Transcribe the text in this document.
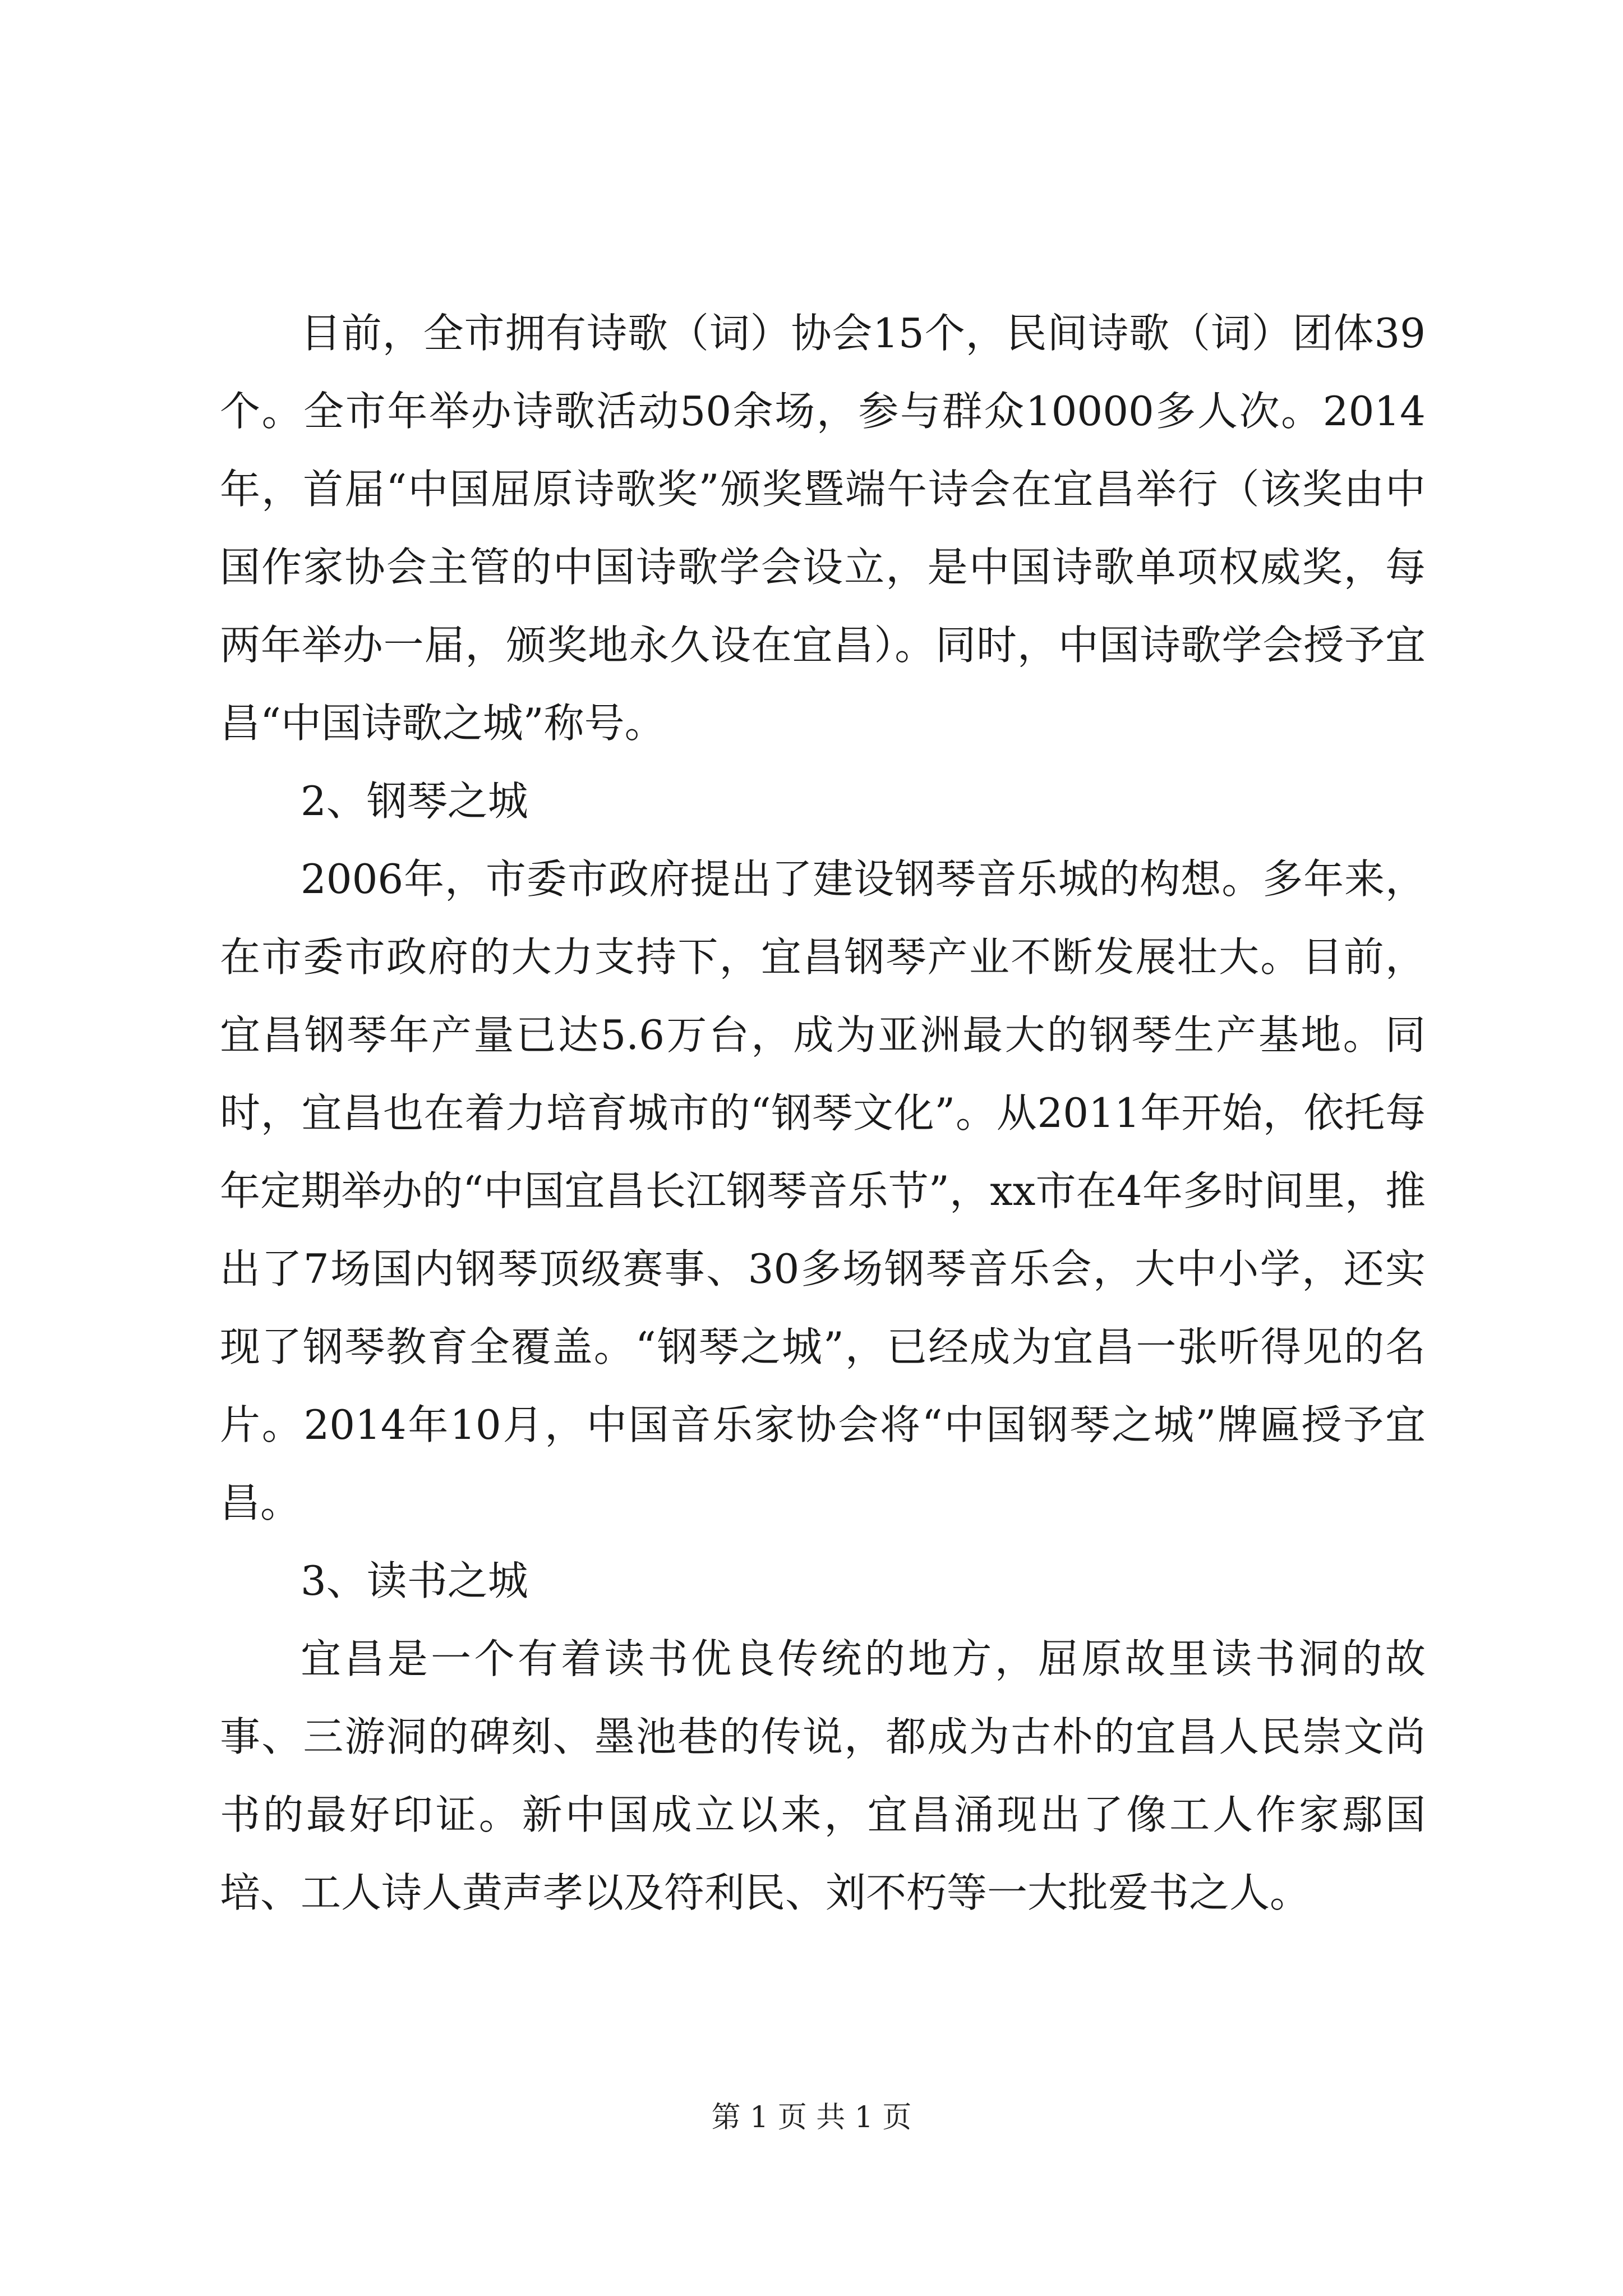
目前，全市拥有诗歌（词）协会15个，民间诗歌（词）团体39个。全市年举办诗歌活动50余场，参与群众10000多人次。2014年，首届“中国屈原诗歌奖”颁奖暨端午诗会在宜昌举行（该奖由中国作家协会主管的中国诗歌学会设立，是中国诗歌单项权威奖，每两年举办一届，颁奖地永久设在宜昌）。同时，中国诗歌学会授予宜昌“中国诗歌之城”称号。

2、钢琴之城

2006年，市委市政府提出了建设钢琴音乐城的构想。多年来，在市委市政府的大力支持下，宜昌钢琴产业不断发展壮大。目前，宜昌钢琴年产量已达5.6万台，成为亚洲最大的钢琴生产基地。同时，宜昌也在着力培育城市的“钢琴文化”。从2011年开始，依托每年定期举办的“中国宜昌长江钢琴音乐节”，xx市在4年多时间里，推出了7场国内钢琴顶级赛事、30多场钢琴音乐会，大中小学，还实现了钢琴教育全覆盖。“钢琴之城”，已经成为宜昌一张听得见的名片。2014年10月，中国音乐家协会将“中国钢琴之城”牌匾授予宜昌。

3、读书之城

宜昌是一个有着读书优良传统的地方，屈原故里读书洞的故事、三游洞的碑刻、墨池巷的传说，都成为古朴的宜昌人民崇文尚书的最好印证。新中国成立以来，宜昌涌现出了像工人作家鄢国培、工人诗人黄声孝以及符利民、刘不朽等一大批爱书之人。

第 1 页 共 1 页
